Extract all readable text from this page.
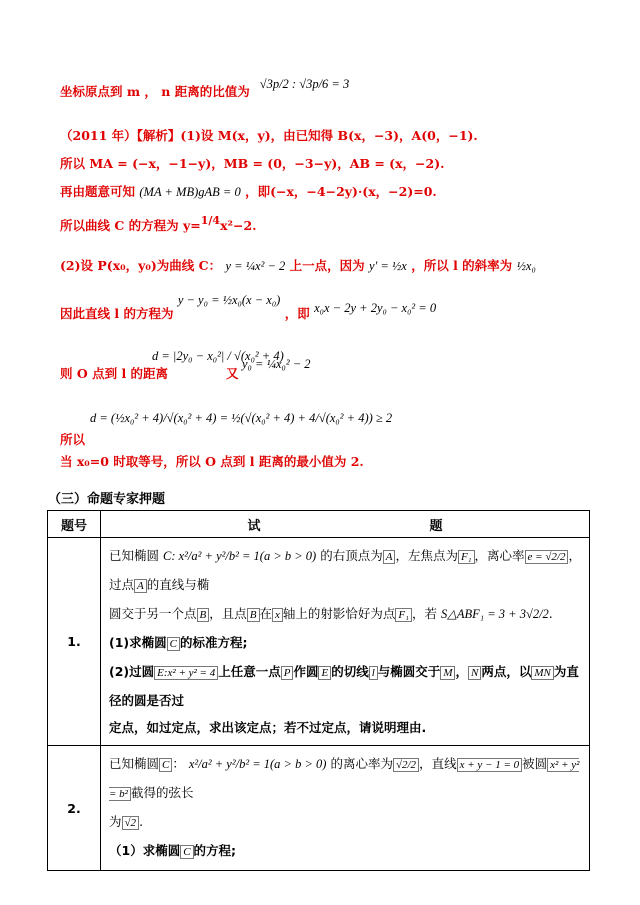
坐标原点到 m ， n 距离的比值为 √3p/2 : √3p/6 = 3
（2011 年）【解析】(1)设 M(x，y)，由已知得 B(x，−3)，A(0，−1).
所以 MA = (−x，−1−y)，MB = (0，−3−y)，AB = (x，−2).
再由题意可知 (MA + MB)gAB = 0 ，即(−x，−4−2y)·(x，−2)=0.
所以曲线 C 的方程为 y=1/4x²−2.
(2)设 P(x₀，y₀)为曲线 C： y = ¼x² − 2 上一点，因为 y' = ½x ，所以 l 的斜率为 ½x₀
因此直线 l 的方程为 y − y₀ = ½x₀(x − x₀) ，即 x₀x − 2y + 2y₀ − x₀² = 0
则 O 点到 l 的距离
d = |2y₀ − x₀²| / √(x₀² + 4)
又
y₀ = ¼x₀² − 2
所以
d = (½x₀² + 4)/√(x₀² + 4) = ½(√(x₀² + 4) + 4/√(x₀² + 4)) ≥ 2
当 x₀=0 时取等号，所以 O 点到 l 距离的最小值为 2.
（三）命题专家押题
题号	试 题
1.	已知椭圆 C: x²/a² + y²/b² = 1(a > b > 0) 的右顶点为 A ，左焦点为 F₁ ，离心率 e = √2/2 ，过点 A 的直线与椭
圆交于另一个点 B ，且点 B 在 x 轴上的射影恰好为点 F₁ ，若 S△ABF₁ = 3 + 3√2/2.
(1)求椭圆 C 的标准方程;
(2)过圆 E:x² + y² = 4 上任意一点 P 作圆 E 的切线 l 与椭圆交于 M ， N 两点，以 MN 为直径的圆是否过
定点，如过定点，求出该定点；若不过定点，请说明理由.

2.	已知椭圆 C ： x²/a² + y²/b² = 1(a > b > 0) 的离心率为 √2/2 ，直线 x + y − 1 = 0 被圆 x² + y² = b² 截得的弦长
为 √2 .
（1）求椭圆 C 的方程;
